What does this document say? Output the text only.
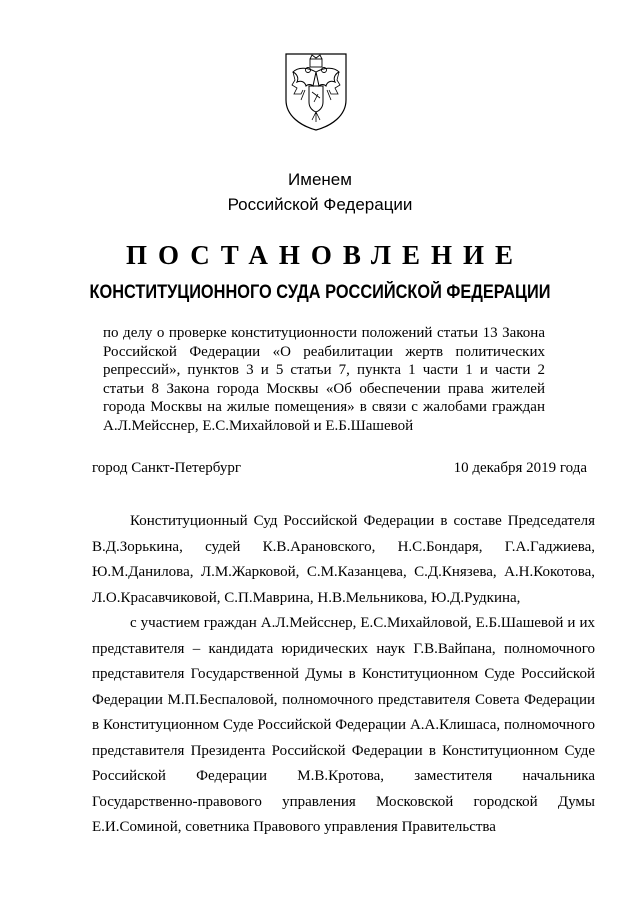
Именем
Российской Федерации
ПОСТАНОВЛЕНИЕ
КОНСТИТУЦИОННОГО СУДА РОССИЙСКОЙ ФЕДЕРАЦИИ
по делу о проверке конституционности положений статьи 13 Закона Российской Федерации «О реабилитации жертв политических репрессий», пунктов 3 и 5 статьи 7, пункта 1 части 1 и части 2 статьи 8 Закона города Москвы «Об обеспечении права жителей города Москвы на жилые помещения» в связи с жалобами граждан А.Л.Мейсснер, Е.С.Михайловой и Е.Б.Шашевой
город Санкт-Петербург	10 декабря 2019 года

Конституционный Суд Российской Федерации в составе Председателя В.Д.Зорькина, судей К.В.Арановского, Н.С.Бондаря, Г.А.Гаджиева, Ю.М.Данилова, Л.М.Жарковой, С.М.Казанцева, С.Д.Князева, А.Н.Кокотова, Л.О.Красавчиковой, С.П.Маврина, Н.В.Мельникова, Ю.Д.Рудкина,

с участием граждан А.Л.Мейсснер, Е.С.Михайловой, Е.Б.Шашевой и их представителя – кандидата юридических наук Г.В.Вайпана, полномочного представителя Государственной Думы в Конституционном Суде Российской Федерации М.П.Беспаловой, полномочного представителя Совета Федерации в Конституционном Суде Российской Федерации А.А.Клишаса, полномочного представителя Президента Российской Федерации в Конституционном Суде Российской Федерации М.В.Кротова, заместителя начальника Государственно-правового управления Московской городской Думы Е.И.Соминой, советника Правового управления Правительства
